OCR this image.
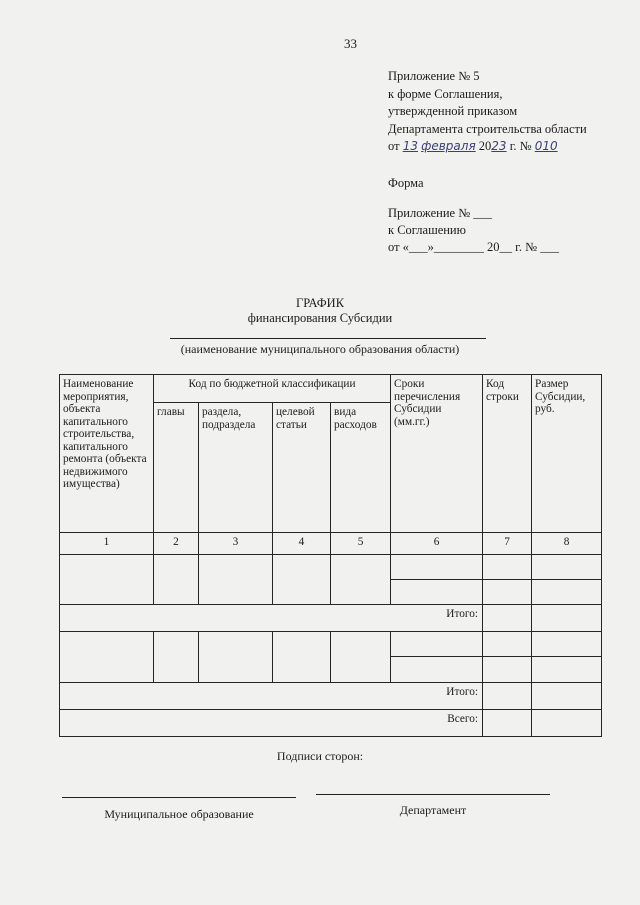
33
Приложение № 5
к форме Соглашения,
утвержденной приказом
Департамента строительства области
от 13 февраля 2023 г. № 010
Форма
Приложение № ___
к Соглашению
от «___»________ 20__ г. № ___
ГРАФИК
финансирования Субсидии
(наименование муниципального образования области)
Наименование мероприятия, объекта капитального строительства, капитального ремонта (объекта недвижимого имущества)	Код по бюджетной классификации				Сроки перечисления Субсидии (мм.гг.)	Код строки	Размер Субсидии, руб.
	главы	раздела, подраздела	целевой статьи	вида расходов			
1	2	3	4	5	6	7	8

Итого:							

Итого:							
Всего:							
Подписи сторон:
Муниципальное образование	Департамент
